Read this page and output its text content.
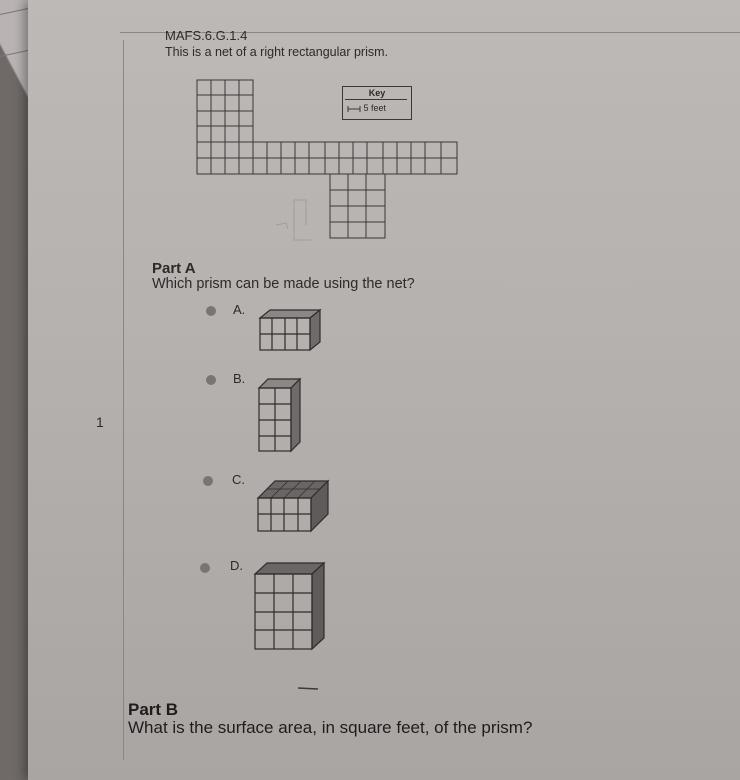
MAFS.6.G.1.4
This is a net of a right rectangular prism.
Key
5 feet
1
Part A
Which prism can be made using the net?
A.
B.
C.
D.
Part B
What is the surface area, in square feet, of the prism?
